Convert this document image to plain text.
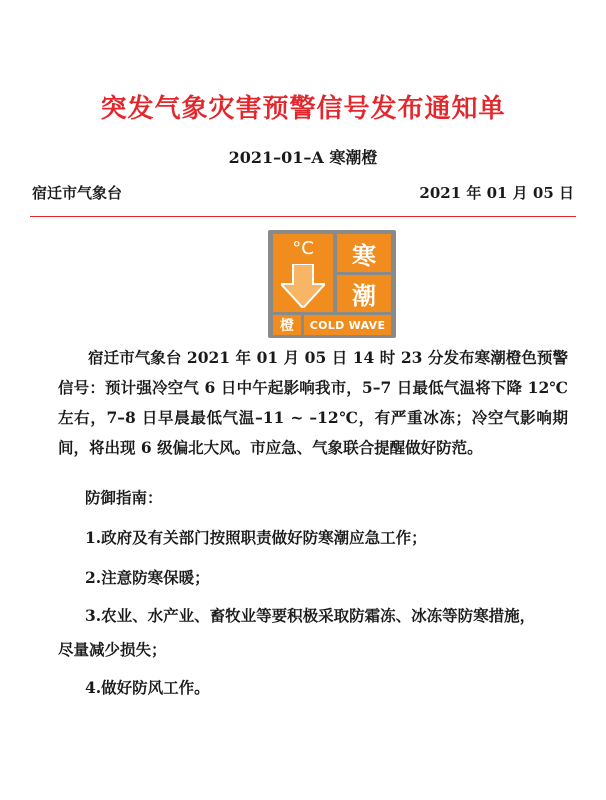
突发气象灾害预警信号发布通知单
2021–01–A 寒潮橙
宿迁市气象台	2021 年 01 月 05 日
°C	寒
潮
橙	COLD WAVE
宿迁市气象台 2021 年 01 月 05 日 14 时 23 分发布寒潮橙色预警信号：预计强冷空气 6 日中午起影响我市，5–7 日最低气温将下降 12℃左右，7–8 日早晨最低气温–11 ~ –12℃，有严重冰冻；冷空气影响期间，将出现 6 级偏北大风。市应急、气象联合提醒做好防范。
防御指南：
1.政府及有关部门按照职责做好防寒潮应急工作；
2.注意防寒保暖；
3.农业、水产业、畜牧业等要积极采取防霜冻、冰冻等防寒措施，
尽量减少损失；
4.做好防风工作。
